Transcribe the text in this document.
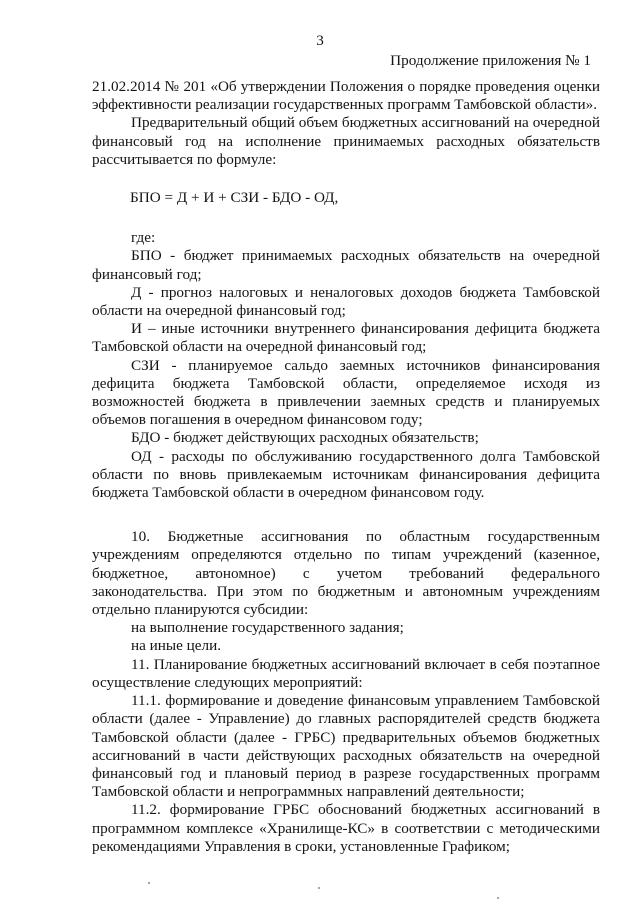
3
Продолжение приложения № 1

21.02.2014 № 201 «Об утверждении Положения о порядке проведения оценки эффективности реализации государственных программ Тамбовской области».

Предварительный общий объем бюджетных ассигнований на очередной финансовый год на исполнение принимаемых расходных обязательств рассчитывается по формуле:

БПО = Д + И + СЗИ - БДО - ОД,

где:

БПО - бюджет принимаемых расходных обязательств на очередной финансовый год;

Д - прогноз налоговых и неналоговых доходов бюджета Тамбовской области на очередной финансовый год;

И – иные источники внутреннего финансирования дефицита бюджета Тамбовской области на очередной финансовый год;

СЗИ - планируемое сальдо заемных источников финансирования дефицита бюджета Тамбовской области, определяемое исходя из возможностей бюджета в привлечении заемных средств и планируемых объемов погашения в очередном финансовом году;

БДО - бюджет действующих расходных обязательств;

ОД - расходы по обслуживанию государственного долга Тамбовской области по вновь привлекаемым источникам финансирования дефицита бюджета Тамбовской области в очередном финансовом году.

10. Бюджетные ассигнования по областным государственным учреждениям определяются отдельно по типам учреждений (казенное, бюджетное, автономное) с учетом требований федерального законодательства. При этом по бюджетным и автономным учреждениям отдельно планируются субсидии:

на выполнение государственного задания;

на иные цели.

11. Планирование бюджетных ассигнований включает в себя поэтапное осуществление следующих мероприятий:

11.1. формирование и доведение финансовым управлением Тамбовской области (далее - Управление) до главных распорядителей средств бюджета Тамбовской области (далее - ГРБС) предварительных объемов бюджетных ассигнований в части действующих расходных обязательств на очередной финансовый год и плановый период в разрезе государственных программ Тамбовской области и непрограммных направлений деятельности;

11.2. формирование ГРБС обоснований бюджетных ассигнований в программном комплексе «Хранилище-КС» в соответствии с методическими рекомендациями Управления в сроки, установленные Графиком;
